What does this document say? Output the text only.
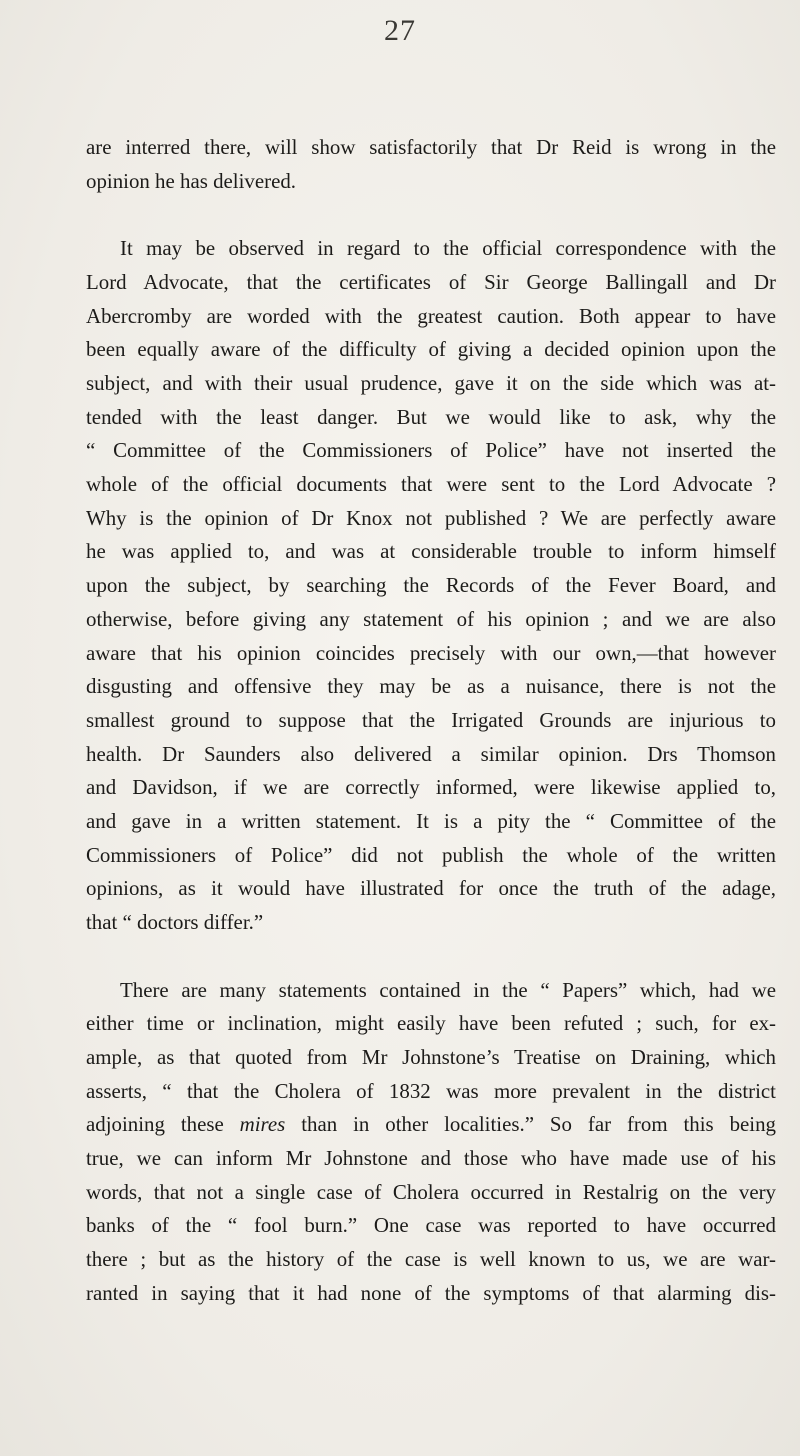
27

are interred there, will show satisfactorily that Dr Reid is wrong in the
opinion he has delivered.

It may be observed in regard to the official correspondence with the
Lord Advocate, that the certificates of Sir George Ballingall and Dr
Abercromby are worded with the greatest caution. Both appear to have
been equally aware of the difficulty of giving a decided opinion upon the
subject, and with their usual prudence, gave it on the side which was at-
tended with the least danger. But we would like to ask, why the
“ Committee of the Commissioners of Police” have not inserted the
whole of the official documents that were sent to the Lord Advocate ?
Why is the opinion of Dr Knox not published ? We are perfectly aware
he was applied to, and was at considerable trouble to inform himself
upon the subject, by searching the Records of the Fever Board, and
otherwise, before giving any statement of his opinion ; and we are also
aware that his opinion coincides precisely with our own,—that however
disgusting and offensive they may be as a nuisance, there is not the
smallest ground to suppose that the Irrigated Grounds are injurious to
health. Dr Saunders also delivered a similar opinion. Drs Thomson
and Davidson, if we are correctly informed, were likewise applied to,
and gave in a written statement. It is a pity the “ Committee of the
Commissioners of Police” did not publish the whole of the written
opinions, as it would have illustrated for once the truth of the adage,
that “ doctors differ.”

There are many statements contained in the “ Papers” which, had we
either time or inclination, might easily have been refuted ; such, for ex-
ample, as that quoted from Mr Johnstone’s Treatise on Draining, which
asserts, “ that the Cholera of 1832 was more prevalent in the district
adjoining these mires than in other localities.” So far from this being
true, we can inform Mr Johnstone and those who have made use of his
words, that not a single case of Cholera occurred in Restalrig on the very
banks of the “ fool burn.” One case was reported to have occurred
there ; but as the history of the case is well known to us, we are war-
ranted in saying that it had none of the symptoms of that alarming dis-
